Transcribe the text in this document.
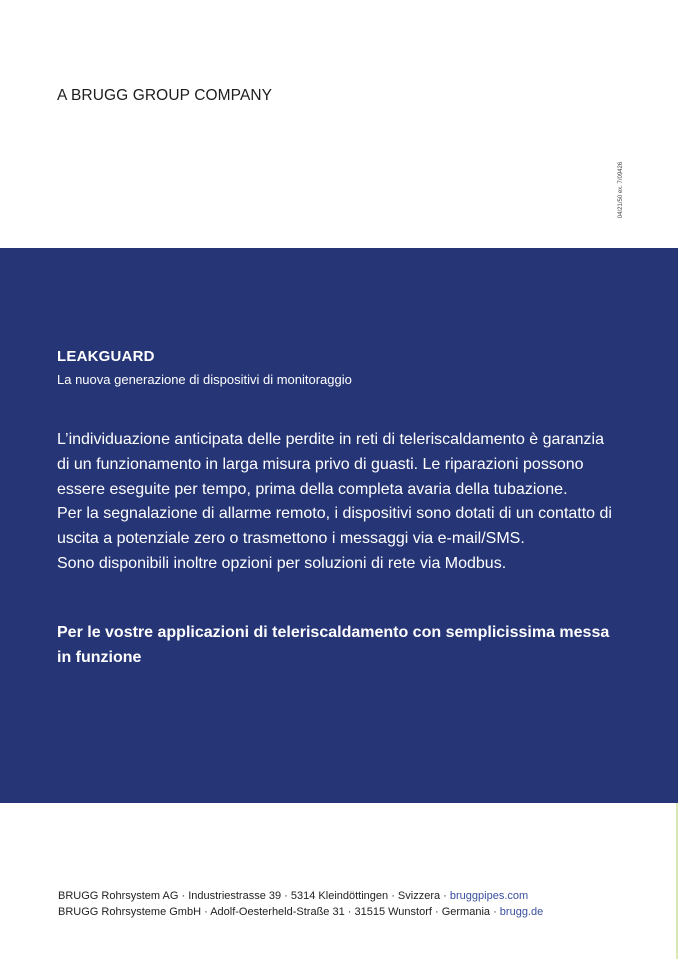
A BRUGG GROUP COMPANY
04/21/50 ex. 7/09426
LEAKGUARD
La nuova generazione di dispositivi di monitoraggio

L’individuazione anticipata delle perdite in reti di teleriscaldamento è garanzia

di un funzionamento in larga misura privo di guasti. Le riparazioni possono

essere eseguite per tempo, prima della completa avaria della tubazione.

Per la segnalazione di allarme remoto, i dispositivi sono dotati di un contatto di

uscita a potenziale zero o trasmettono i messaggi via e-mail/SMS.

Sono disponibili inoltre opzioni per soluzioni di rete via Modbus.

Per le vostre applicazioni di teleriscaldamento con semplicissima messa

in funzione

BRUGG Rohrsystem AG · Industriestrasse 39 · 5314 Kleindöttingen · Svizzera · bruggpipes.com
BRUGG Rohrsysteme GmbH · Adolf-Oesterheld-Straße 31 · 31515 Wunstorf · Germania · brugg.de
